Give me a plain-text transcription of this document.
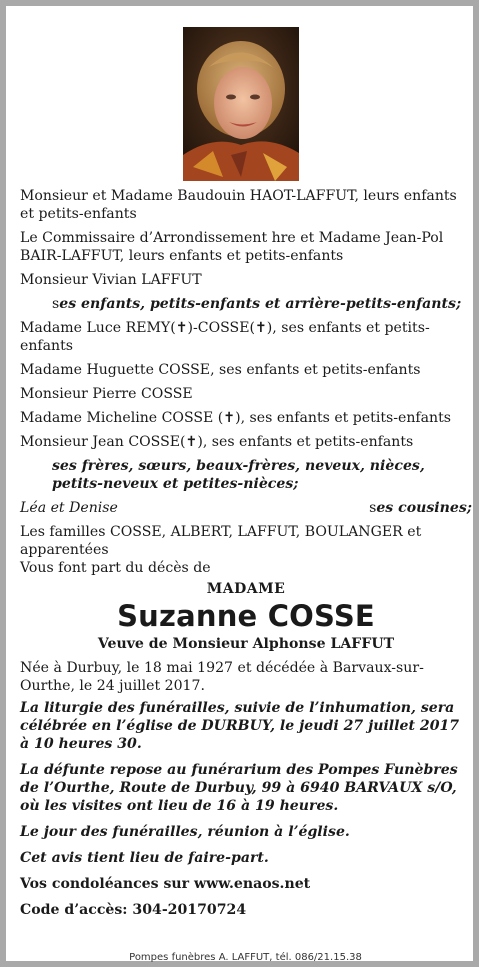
Monsieur et Madame Baudouin HAOT-LAFFUT, leurs enfants et petits-enfants

Le Commissaire d’Arrondissement hre et Madame Jean-Pol BAIR-LAFFUT, leurs enfants et petits-enfants

Monsieur Vivian LAFFUT

ses enfants, petits-enfants et arrière-petits-enfants;

Madame Luce REMY(✝)-COSSE(✝), ses enfants et petits-enfants

Madame Huguette COSSE, ses enfants et petits-enfants

Monsieur Pierre COSSE

Madame Micheline COSSE (✝), ses enfants et petits-enfants

Monsieur Jean COSSE(✝), ses enfants et petits-enfants

ses frères, sœurs, beaux-frères, neveux, nièces, petits-neveux et petites-nièces;

Léa et Denise	ses cousines;

Les familles COSSE, ALBERT, LAFFUT, BOULANGER et apparentées

Vous font part du décès de

MADAME

Suzanne COSSE

Veuve de Monsieur Alphonse LAFFUT

Née à Durbuy, le 18 mai 1927 et décédée à Barvaux-sur-Ourthe, le 24 juillet 2017.

La liturgie des funérailles, suivie de l’inhumation, sera célébrée en l’église de DURBUY, le jeudi 27 juillet 2017 à 10 heures 30.

La défunte repose au funérarium des Pompes Funèbres de l’Ourthe, Route de Durbuy, 99 à 6940 BARVAUX s/O, où les visites ont lieu de 16 à 19 heures.

Le jour des funérailles, réunion à l’église.

Cet avis tient lieu de faire-part.

Vos condoléances sur www.enaos.net

Code d’accès: 304-20170724

Pompes funèbres A. LAFFUT, tél. 086/21.15.38
